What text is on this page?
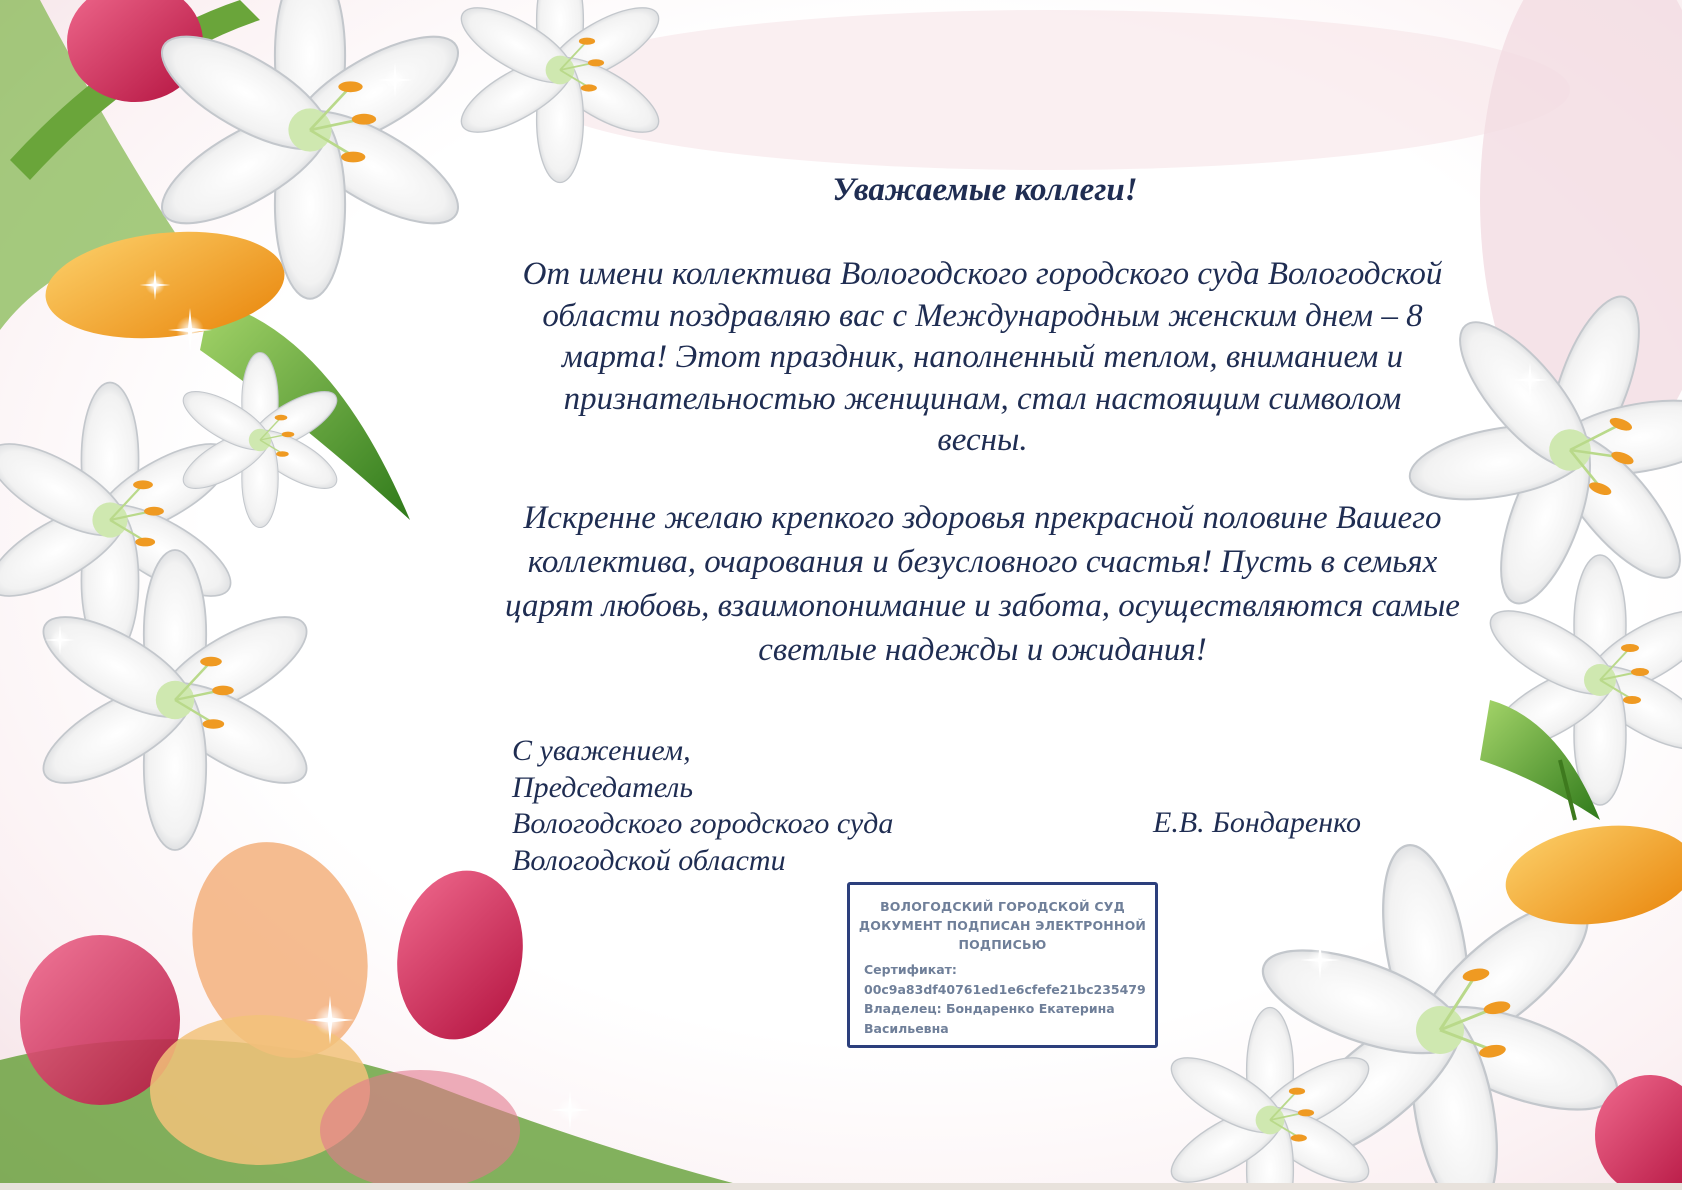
Уважаемые коллеги!
От имени коллектива Вологодского городского суда Вологодской области поздравляю вас с Международным женским днем – 8 марта! Этот праздник, наполненный теплом, вниманием и признательностью женщинам, стал настоящим символом весны.
Искренне желаю крепкого здоровья прекрасной половине Вашего коллектива, очарования и безусловного счастья! Пусть в семьях царят любовь, взаимопонимание и забота, осуществляются самые светлые надежды и ожидания!
С уважением,
Председатель
Вологодского городского суда
Вологодской области
Е.В. Бондаренко
ВОЛОГОДСКИЙ ГОРОДСКОЙ СУД
ДОКУМЕНТ ПОДПИСАН ЭЛЕКТРОННОЙ
ПОДПИСЬЮ
Сертификат:
00c9a83df40761ed1e6cfefe21bc235479
Владелец: Бондаренко Екатерина
Васильевна
